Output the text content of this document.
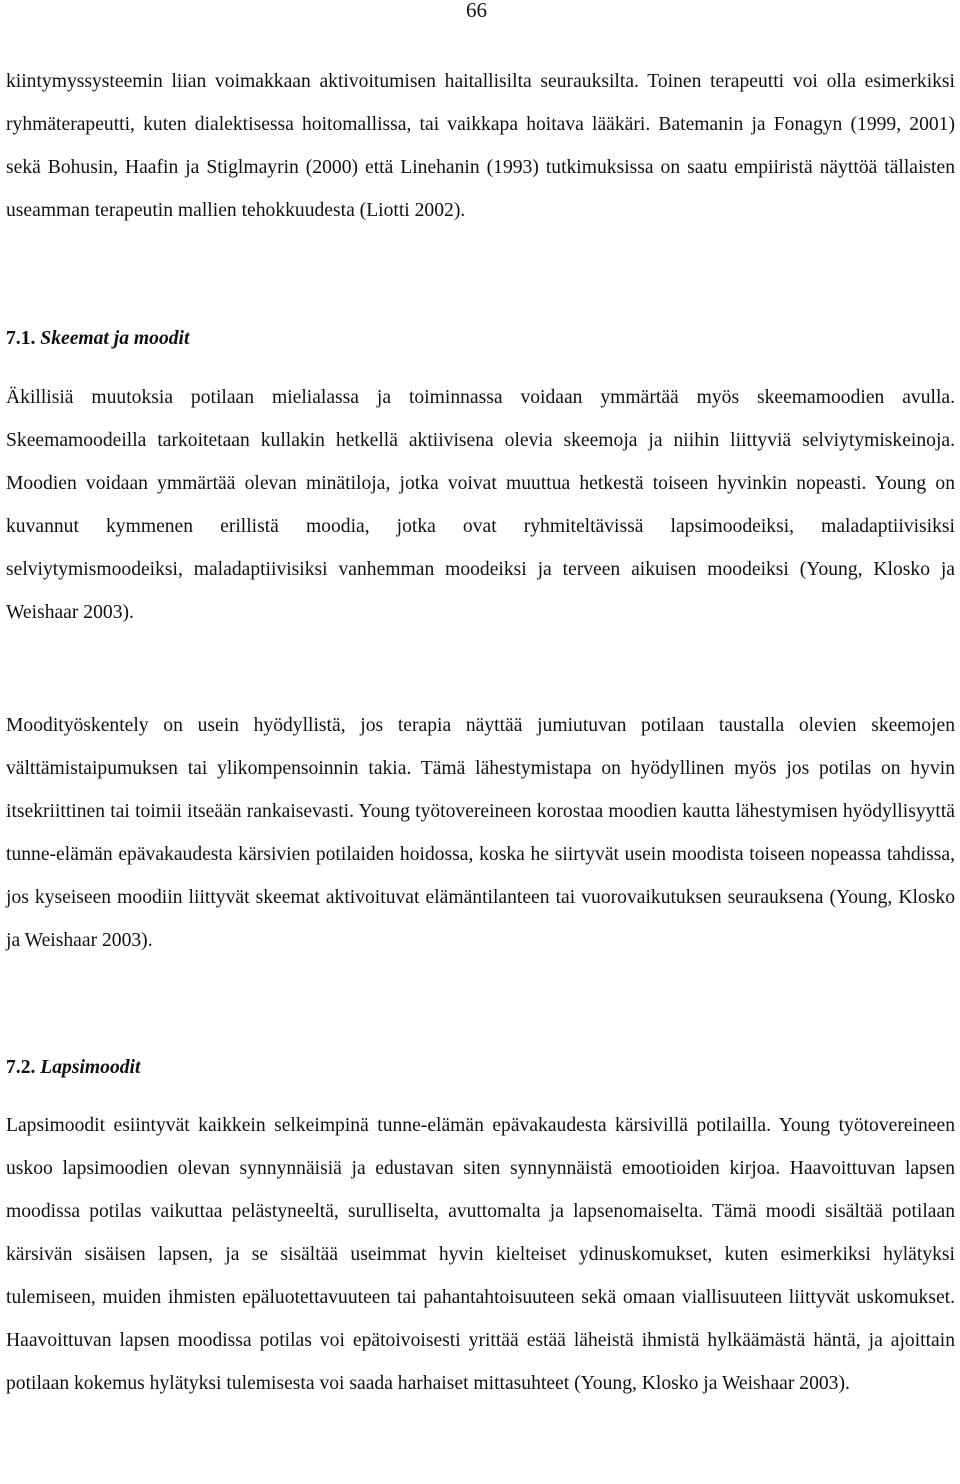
66

kiintymyssysteemin liian voimakkaan aktivoitumisen haitallisilta seurauksilta. Toinen terapeutti voi olla esimerkiksi ryhmäterapeutti, kuten dialektisessa hoitomallissa, tai vaikkapa hoitava lääkäri. Batemanin ja Fonagyn (1999, 2001) sekä Bohusin, Haafin ja Stiglmayrin (2000) että Linehanin (1993) tutkimuksissa on saatu empiiristä näyttöä tällaisten useamman terapeutin mallien tehokkuudesta (Liotti 2002).

7.1. Skeemat ja moodit

Äkillisiä muutoksia potilaan mielialassa ja toiminnassa voidaan ymmärtää myös skeemamoodien avulla. Skeemamoodeilla tarkoitetaan kullakin hetkellä aktiivisena olevia skeemoja ja niihin liittyviä selviytymiskeinoja. Moodien voidaan ymmärtää olevan minätiloja, jotka voivat muuttua hetkestä toiseen hyvinkin nopeasti. Young on kuvannut kymmenen erillistä moodia, jotka ovat ryhmiteltävissä lapsimoodeiksi, maladaptiivisiksi selviytymismoodeiksi, maladaptiivisiksi vanhemman moodeiksi ja terveen aikuisen moodeiksi (Young, Klosko ja Weishaar 2003).

Moodityöskentely on usein hyödyllistä, jos terapia näyttää jumiutuvan potilaan taustalla olevien skeemojen välttämistaipumuksen tai ylikompensoinnin takia. Tämä lähestymistapa on hyödyllinen myös jos potilas on hyvin itsekriittinen tai toimii itseään rankaisevasti. Young työtovereineen korostaa moodien kautta lähestymisen hyödyllisyyttä tunne-elämän epävakaudesta kärsivien potilaiden hoidossa, koska he siirtyvät usein moodista toiseen nopeassa tahdissa, jos kyseiseen moodiin liittyvät skeemat aktivoituvat elämäntilanteen tai vuorovaikutuksen seurauksena (Young, Klosko ja Weishaar 2003).

7.2. Lapsimoodit

Lapsimoodit esiintyvät kaikkein selkeimpinä tunne-elämän epävakaudesta kärsivillä potilailla. Young työtovereineen uskoo lapsimoodien olevan synnynnäisiä ja edustavan siten synnynnäistä emootioiden kirjoa. Haavoittuvan lapsen moodissa potilas vaikuttaa pelästyneeltä, surulliselta, avuttomalta ja lapsenomaiselta. Tämä moodi sisältää potilaan kärsivän sisäisen lapsen, ja se sisältää useimmat hyvin kielteiset ydinuskomukset, kuten esimerkiksi hylätyksi tulemiseen, muiden ihmisten epäluotettavuuteen tai pahantahtoisuuteen sekä omaan viallisuuteen liittyvät uskomukset. Haavoittuvan lapsen moodissa potilas voi epätoivoisesti yrittää estää läheistä ihmistä hylkäämästä häntä, ja ajoittain potilaan kokemus hylätyksi tulemisesta voi saada harhaiset mittasuhteet (Young, Klosko ja Weishaar 2003).
